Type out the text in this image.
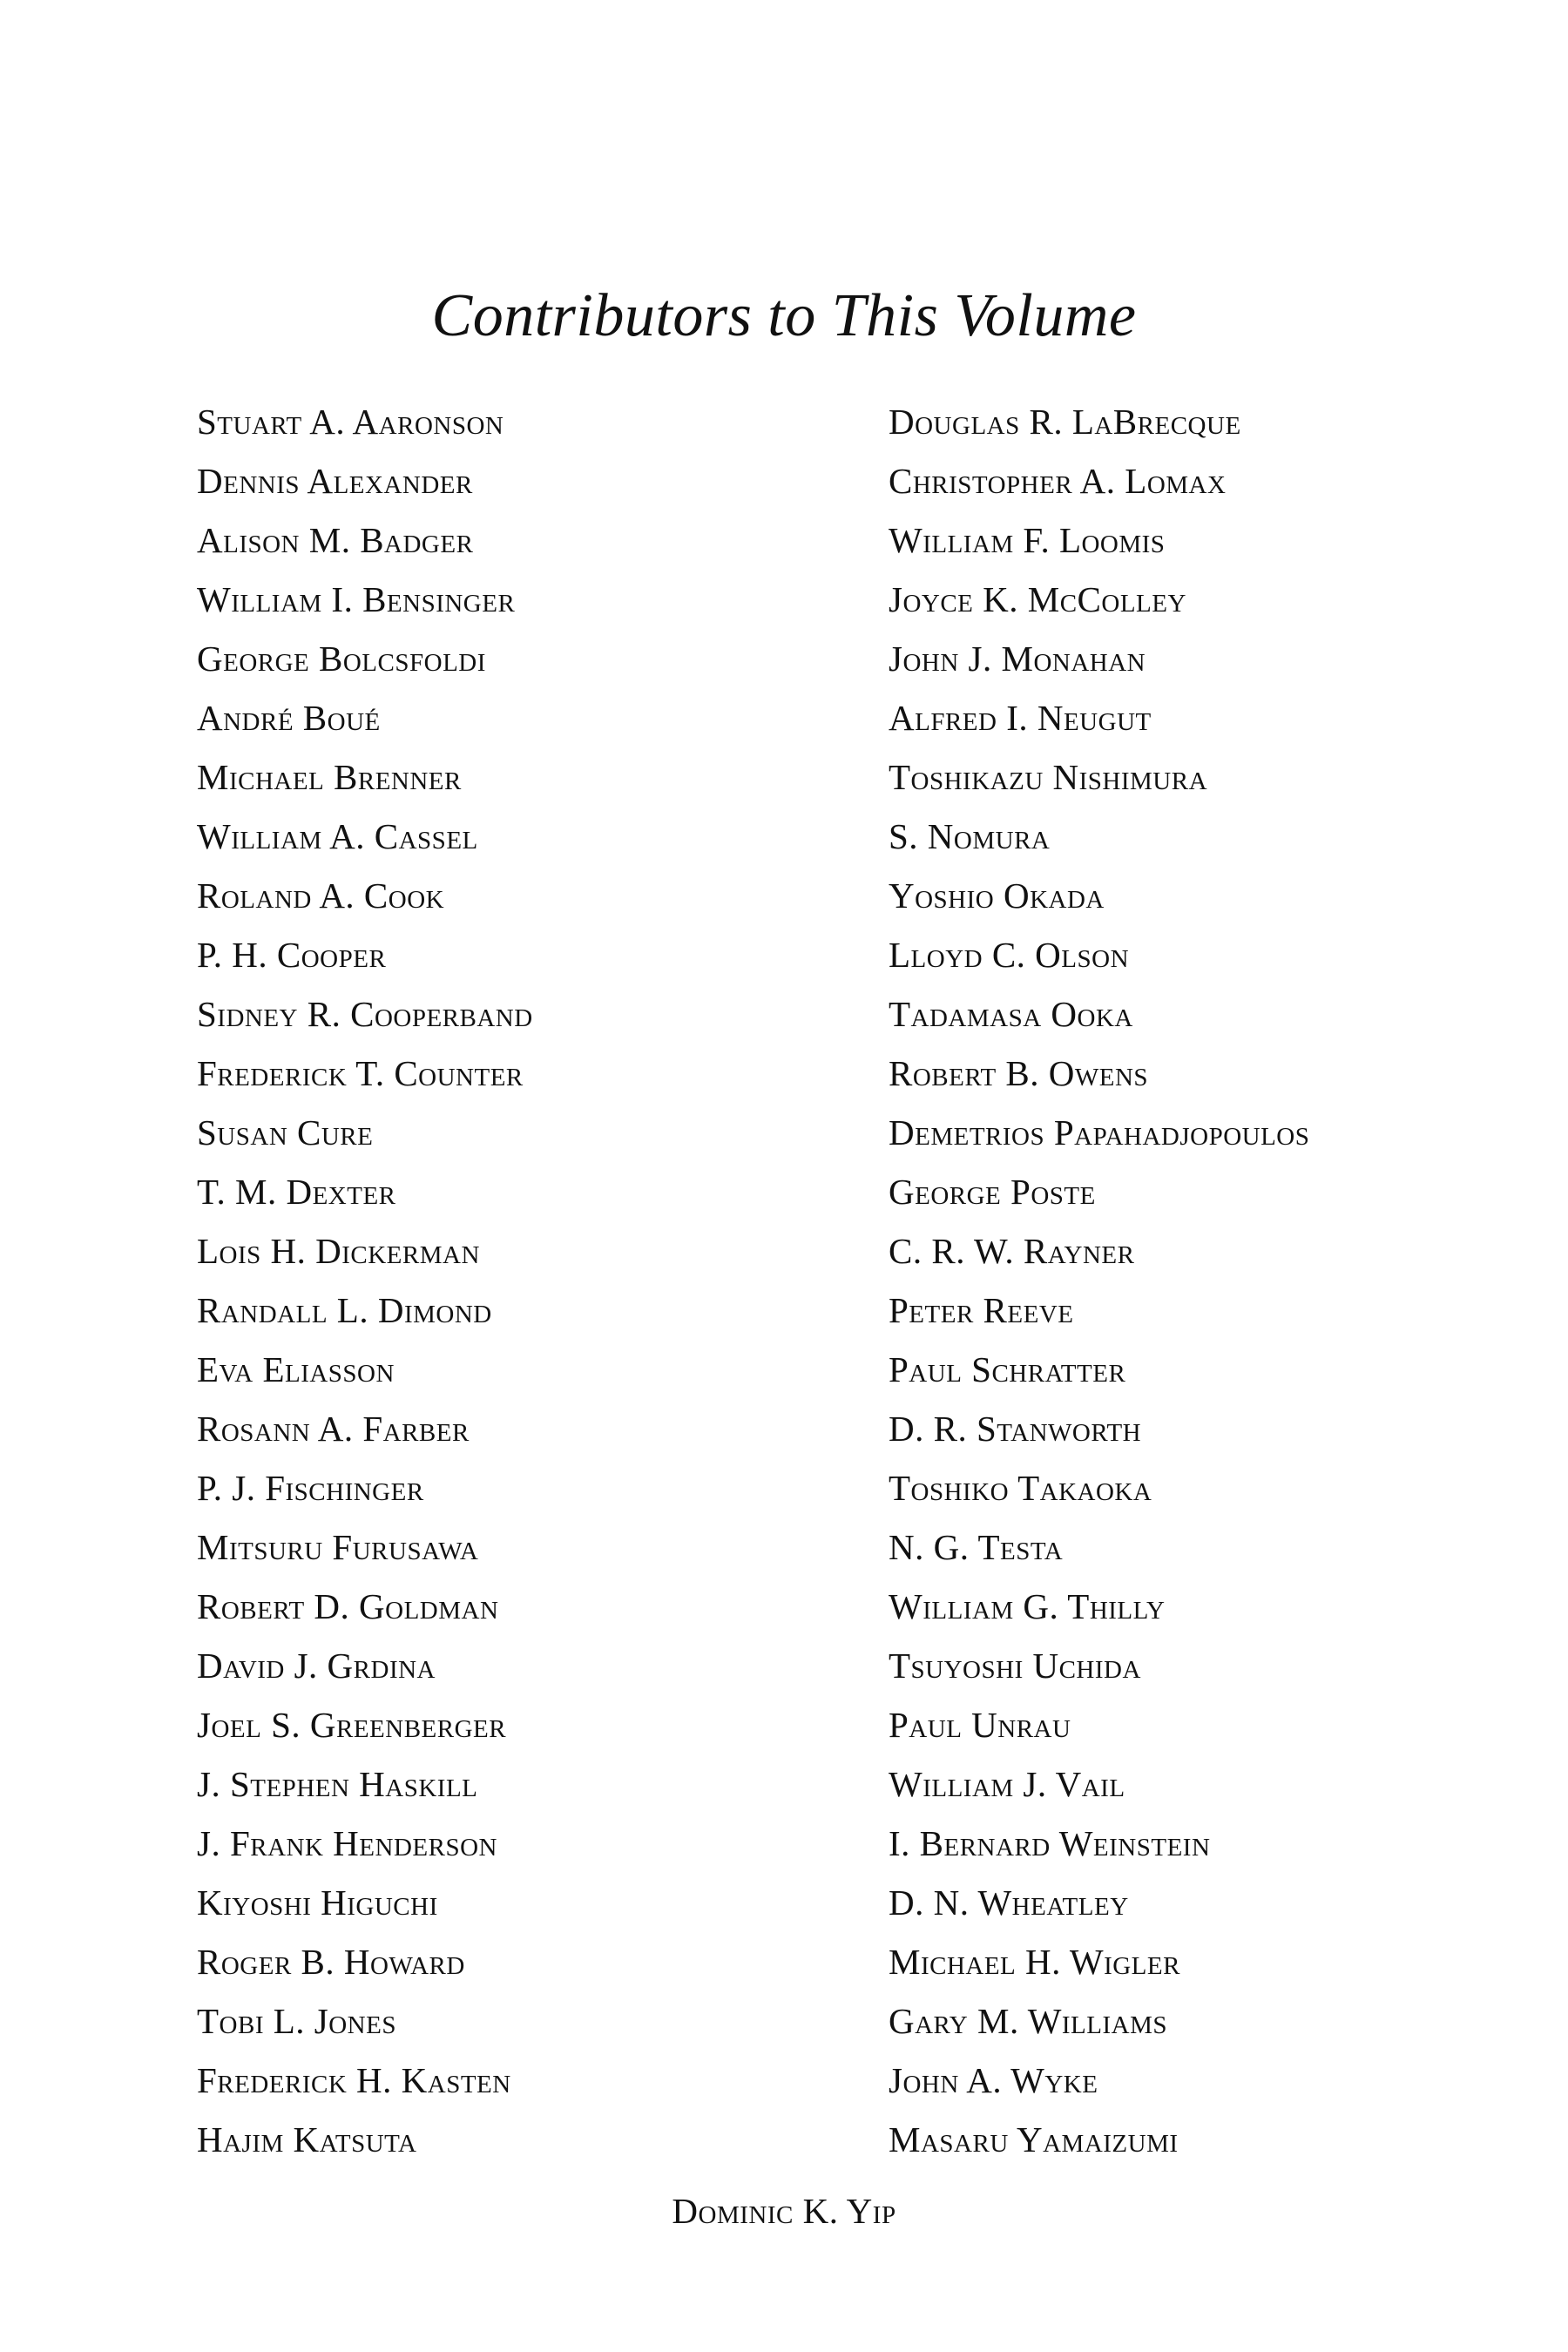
Contributors to This Volume
Stuart A. Aaronson
Dennis Alexander
Alison M. Badger
William I. Bensinger
George Bolcsfoldi
André Boué
Michael Brenner
William A. Cassel
Roland A. Cook
P. H. Cooper
Sidney R. Cooperband
Frederick T. Counter
Susan Cure
T. M. Dexter
Lois H. Dickerman
Randall L. Dimond
Eva Eliasson
Rosann A. Farber
P. J. Fischinger
Mitsuru Furusawa
Robert D. Goldman
David J. Grdina
Joel S. Greenberger
J. Stephen Haskill
J. Frank Henderson
Kiyoshi Higuchi
Roger B. Howard
Tobi L. Jones
Frederick H. Kasten
Hajim Katsuta
Douglas R. LaBrecque
Christopher A. Lomax
William F. Loomis
Joyce K. McColley
John J. Monahan
Alfred I. Neugut
Toshikazu Nishimura
S. Nomura
Yoshio Okada
Lloyd C. Olson
Tadamasa Ooka
Robert B. Owens
Demetrios Papahadjopoulos
George Poste
C. R. W. Rayner
Peter Reeve
Paul Schratter
D. R. Stanworth
Toshiko Takaoka
N. G. Testa
William G. Thilly
Tsuyoshi Uchida
Paul Unrau
William J. Vail
I. Bernard Weinstein
D. N. Wheatley
Michael H. Wigler
Gary M. Williams
John A. Wyke
Masaru Yamaizumi
Dominic K. Yip
